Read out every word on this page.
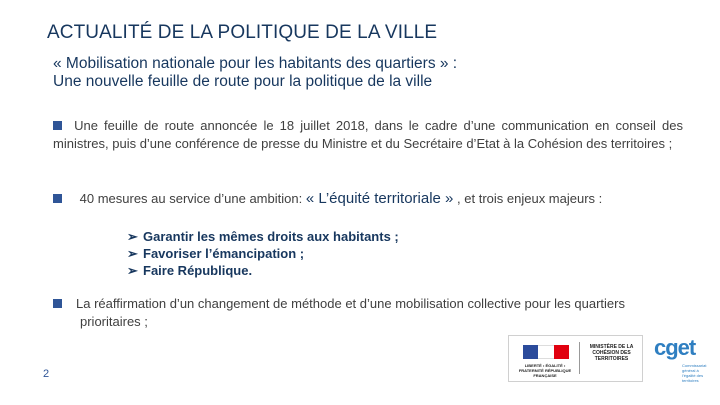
ACTUALITÉ DE LA POLITIQUE DE LA VILLE
« Mobilisation nationale pour les habitants des quartiers » :
Une nouvelle feuille de route pour la politique de la ville
Une feuille de route annoncée le 18 juillet 2018, dans le cadre d’une communication en conseil des ministres, puis d’une conférence de presse du Ministre et du Secrétaire d’Etat à la Cohésion des territoires ;
40 mesures au service d’une ambition: « L’équité territoriale » , et trois enjeux majeurs :
➢ Garantir les mêmes droits aux habitants ;
➢ Favoriser l’émancipation ;
➢ Faire République.
La réaffirmation d’un changement de méthode et d’une mobilisation collective pour les quartiers prioritaires ;
2
LIBERTÉ • ÉGALITÉ • FRATERNITÉ RÉPUBLIQUE FRANÇAISE
MINISTÈRE DE LA COHÉSION DES TERRITOIRES	cget
Commissariat général à l’égalité des territoires
